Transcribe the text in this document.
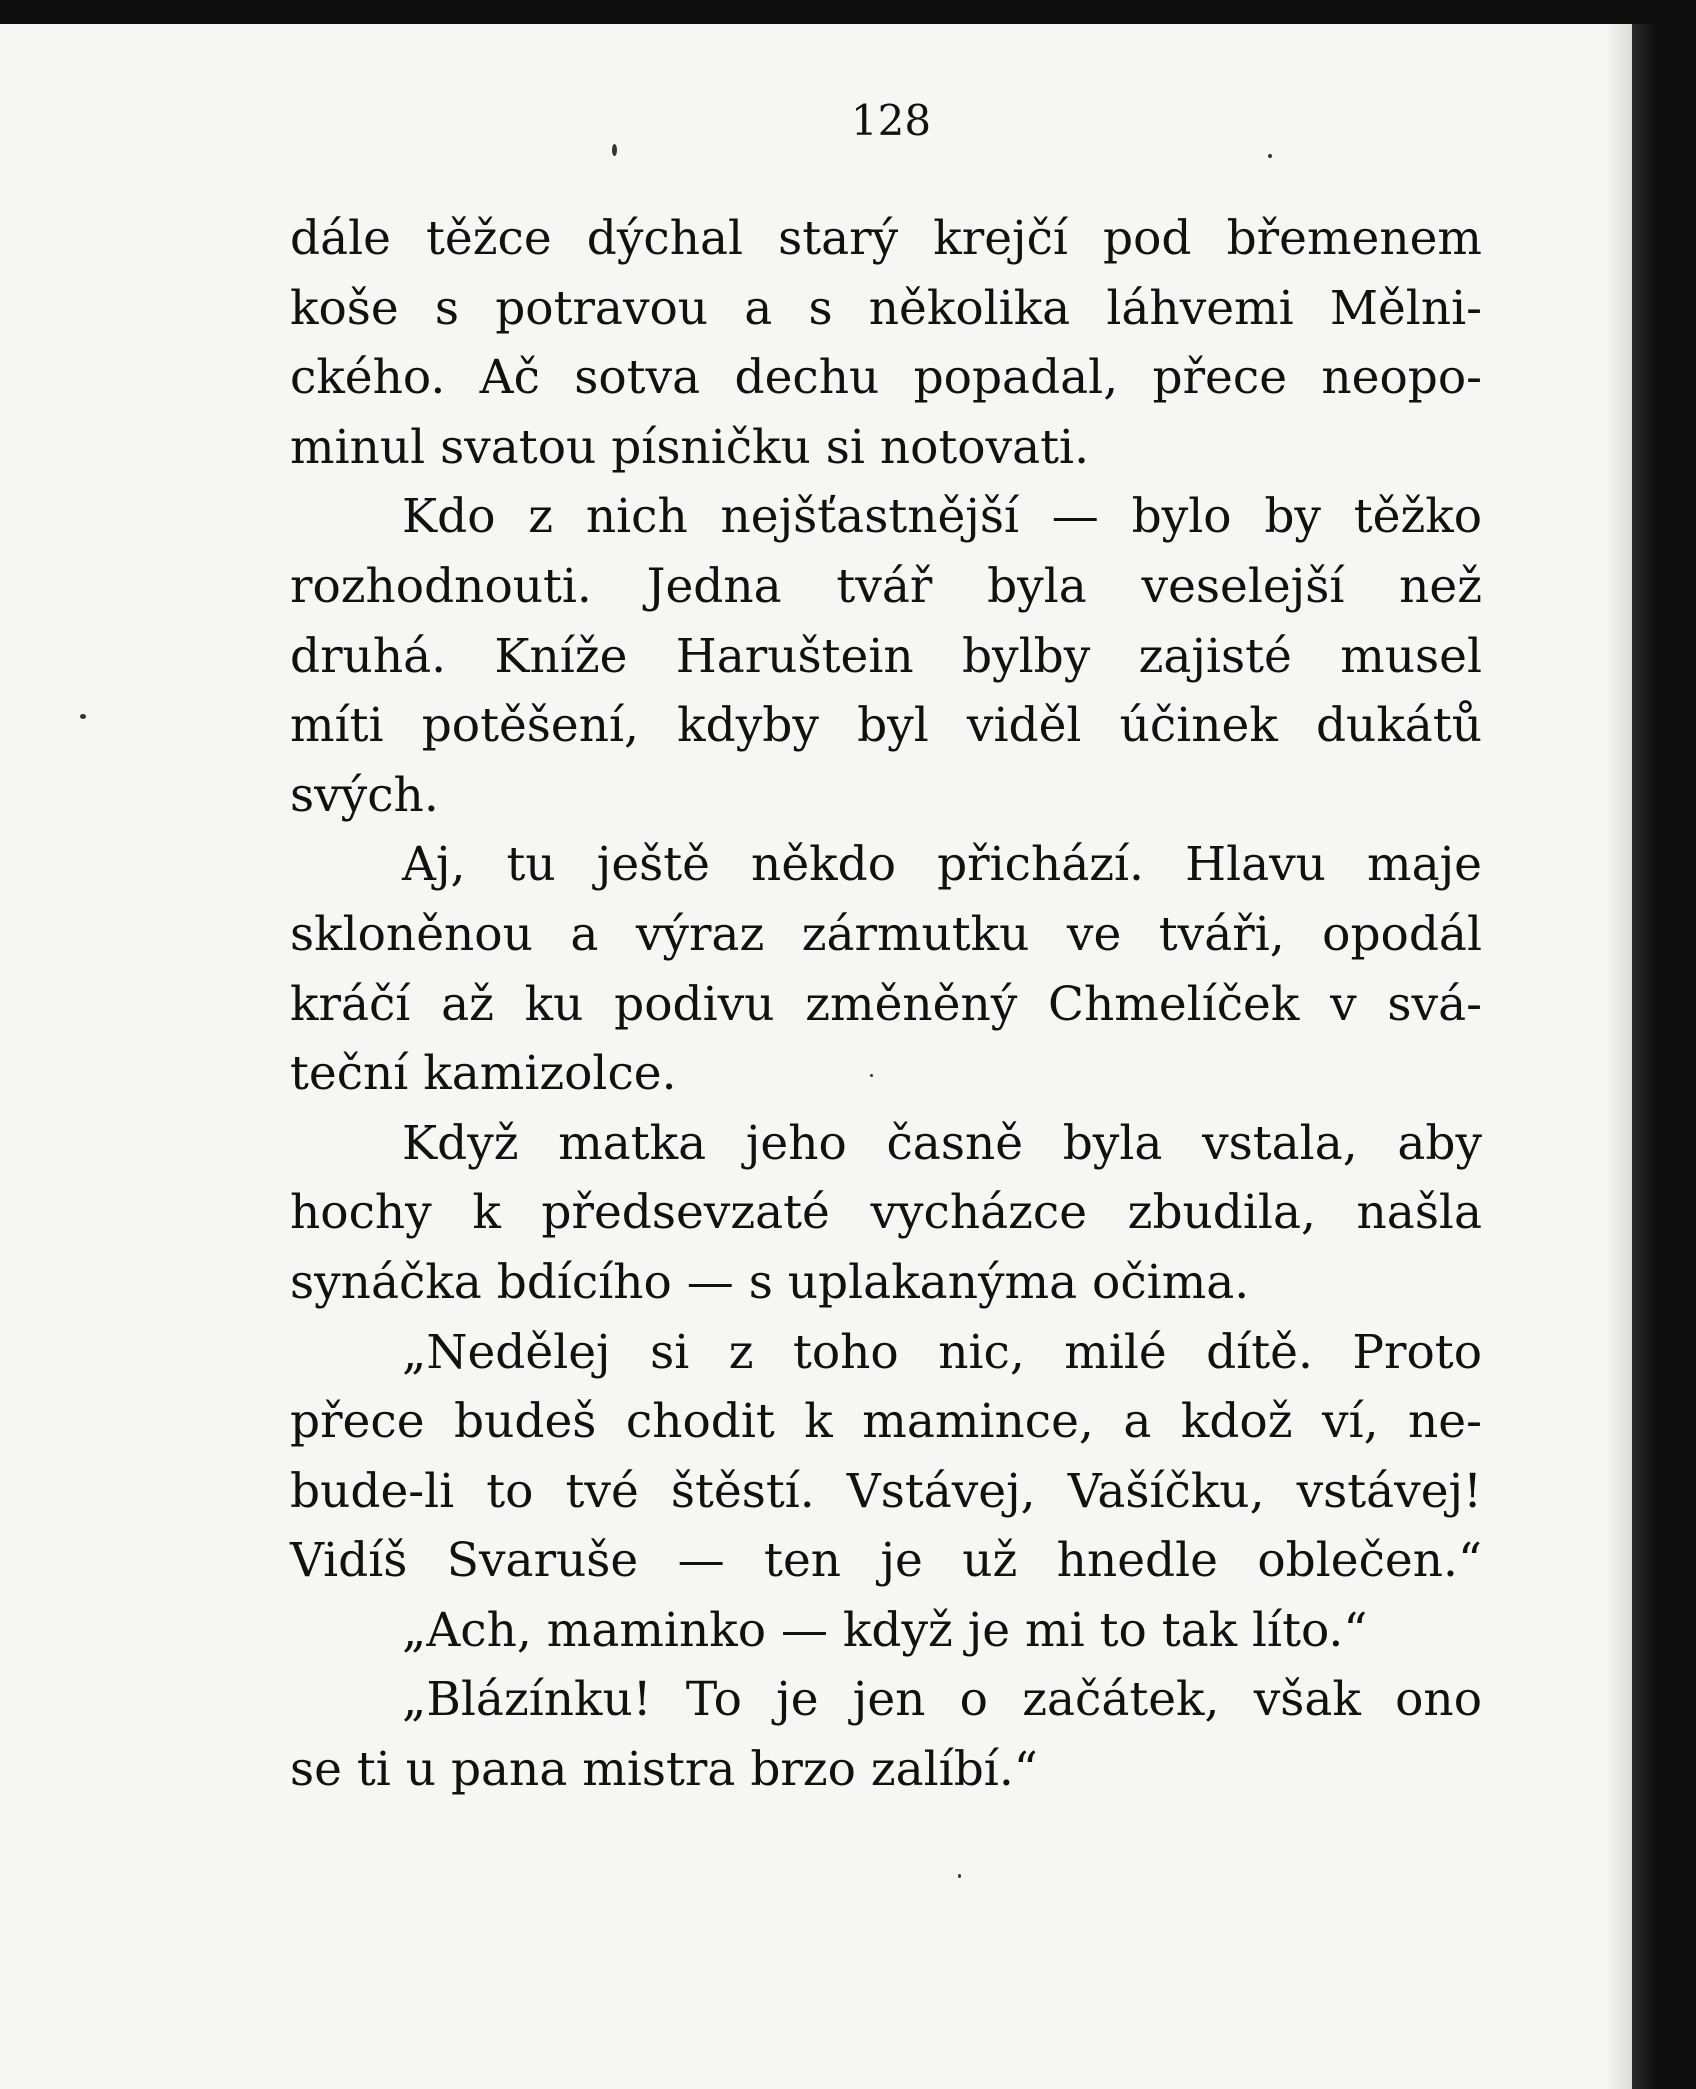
128
dále těžce dýchal starý krejčí pod břemenem
koše s potravou a s několika láhvemi Mělni-
ckého. Ač sotva dechu popadal, přece neopo-
minul svatou písničku si notovati.
Kdo z nich nejšťastnější — bylo by těžko
rozhodnouti. Jedna tvář byla veselejší než
druhá. Kníže Haruštein bylby zajisté musel
míti potěšení, kdyby byl viděl účinek dukátů
svých.
Aj, tu ještě někdo přichází. Hlavu maje
skloněnou a výraz zármutku ve tváři, opodál
kráčí až ku podivu změněný Chmelíček v svá-
teční kamizolce.
Když matka jeho časně byla vstala, aby
hochy k předsevzaté vycházce zbudila, našla
synáčka bdícího — s uplakanýma očima.
„Nedělej si z toho nic, milé dítě. Proto
přece budeš chodit k mamince, a kdož ví, ne-
bude-li to tvé štěstí. Vstávej, Vašíčku, vstávej!
Vidíš Svaruše — ten je už hnedle oblečen.“
„Ach, maminko — když je mi to tak líto.“
„Blázínku! To je jen o začátek, však ono
se ti u pana mistra brzo zalíbí.“
